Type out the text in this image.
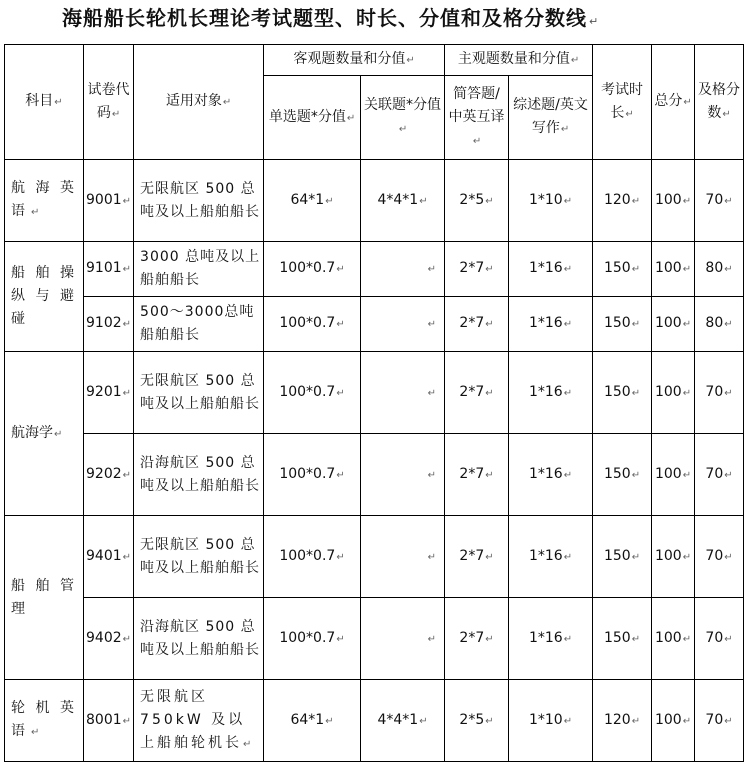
海船船长轮机长理论考试题型、时长、分值和及格分数线 ↵
科目↵	试卷代码↵	适用对象↵	客观题数量和分值↵		主观题数量和分值↵		考试时长↵	总分↵	及格分数↵
			单选题*分值↵	关联题*分值↵	简答题/中英互译↵	综述题/英文写作↵			
航海英语↵	9001↵	无限航区 500 总吨及以上船舶船长	64*1↵	4*4*1↵	2*5↵	1*10↵	120↵	100↵	70↵
船舶操纵与避碰	9101↵	3000 总吨及以上船舶船长	100*0.7↵	↵	2*7↵	1*16↵	150↵	100↵	80↵
	9102↵	500～3000总吨船舶船长	100*0.7↵	↵	2*7↵	1*16↵	150↵	100↵	80↵
航海学↵	9201↵	无限航区 500 总吨及以上船舶船长	100*0.7↵	↵	2*7↵	1*16↵	150↵	100↵	70↵
	9202↵	沿海航区 500 总吨及以上船舶船长	100*0.7↵	↵	2*7↵	1*16↵	150↵	100↵	70↵
船舶管理	9401↵	无限航区 500 总吨及以上船舶船长	100*0.7↵	↵	2*7↵	1*16↵	150↵	100↵	70↵
	9402↵	沿海航区 500 总吨及以上船舶船长	100*0.7↵	↵	2*7↵	1*16↵	150↵	100↵	70↵
轮机英语↵	8001↵	无限航区 750kW 及以上船舶轮机长↵	64*1↵	4*4*1↵	2*5↵	1*10↵	120↵	100↵	70↵
